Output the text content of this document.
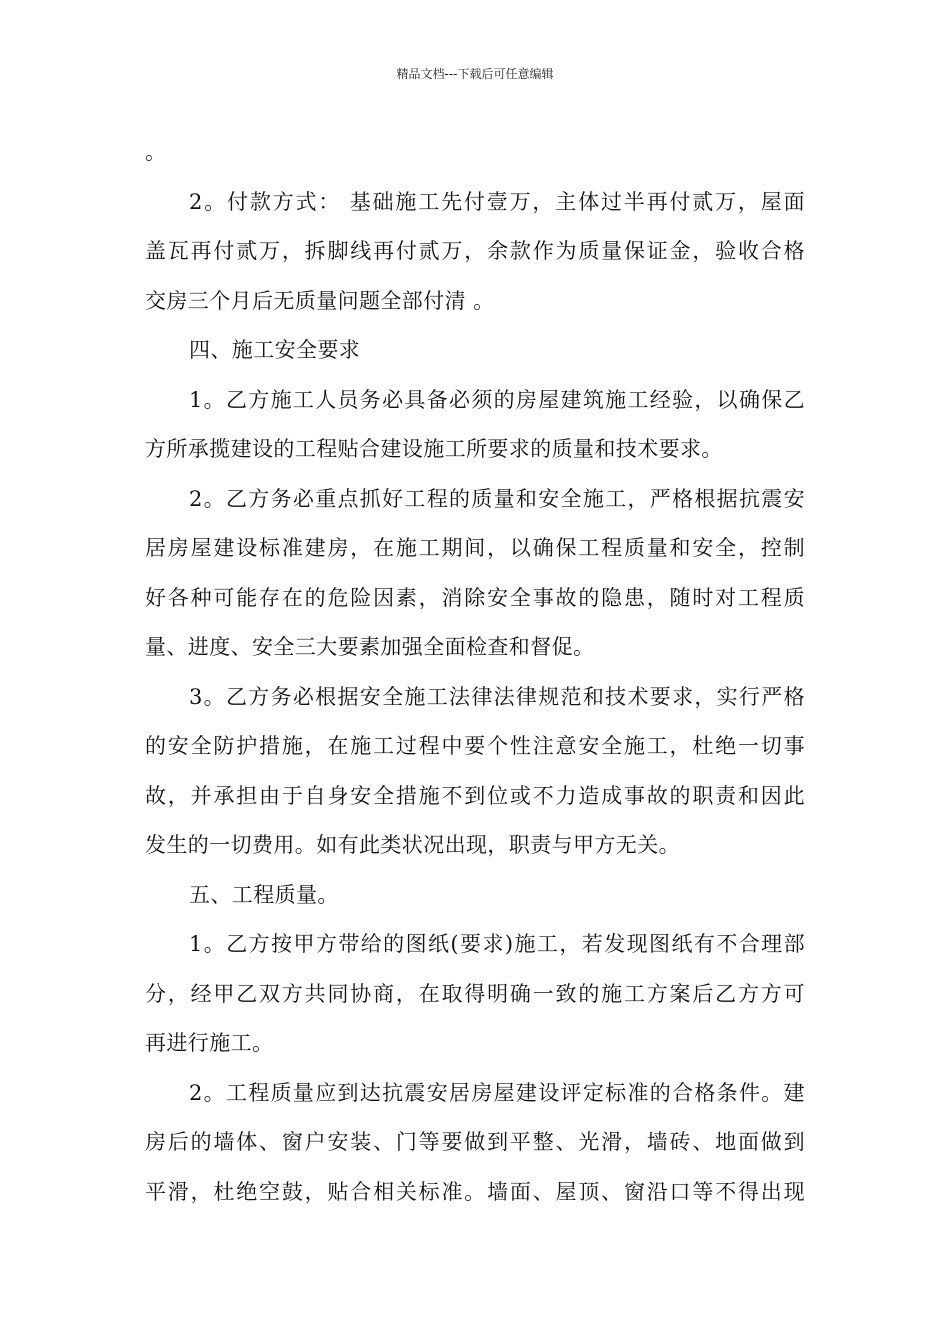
精品文档---下载后可任意编辑
。
2。付款方式： 基础施工先付壹万，主体过半再付贰万，屋面
盖瓦再付贰万，拆脚线再付贰万，余款作为质量保证金，验收合格
交房三个月后无质量问题全部付清 。
四、施工安全要求
1。乙方施工人员务必具备必须的房屋建筑施工经验，以确保乙
方所承揽建设的工程贴合建设施工所要求的质量和技术要求。
2。乙方务必重点抓好工程的质量和安全施工，严格根据抗震安
居房屋建设标准建房，在施工期间，以确保工程质量和安全，控制
好各种可能存在的危险因素，消除安全事故的隐患，随时对工程质
量、进度、安全三大要素加强全面检查和督促。
3。乙方务必根据安全施工法律法律规范和技术要求，实行严格
的安全防护措施，在施工过程中要个性注意安全施工，杜绝一切事
故，并承担由于自身安全措施不到位或不力造成事故的职责和因此
发生的一切费用。如有此类状况出现，职责与甲方无关。
五、工程质量。
1。乙方按甲方带给的图纸(要求)施工，若发现图纸有不合理部
分，经甲乙双方共同协商，在取得明确一致的施工方案后乙方方可
再进行施工。
2。工程质量应到达抗震安居房屋建设评定标准的合格条件。建
房后的墙体、窗户安装、门等要做到平整、光滑，墙砖、地面做到
平滑，杜绝空鼓，贴合相关标准。墙面、屋顶、窗沿口等不得出现
